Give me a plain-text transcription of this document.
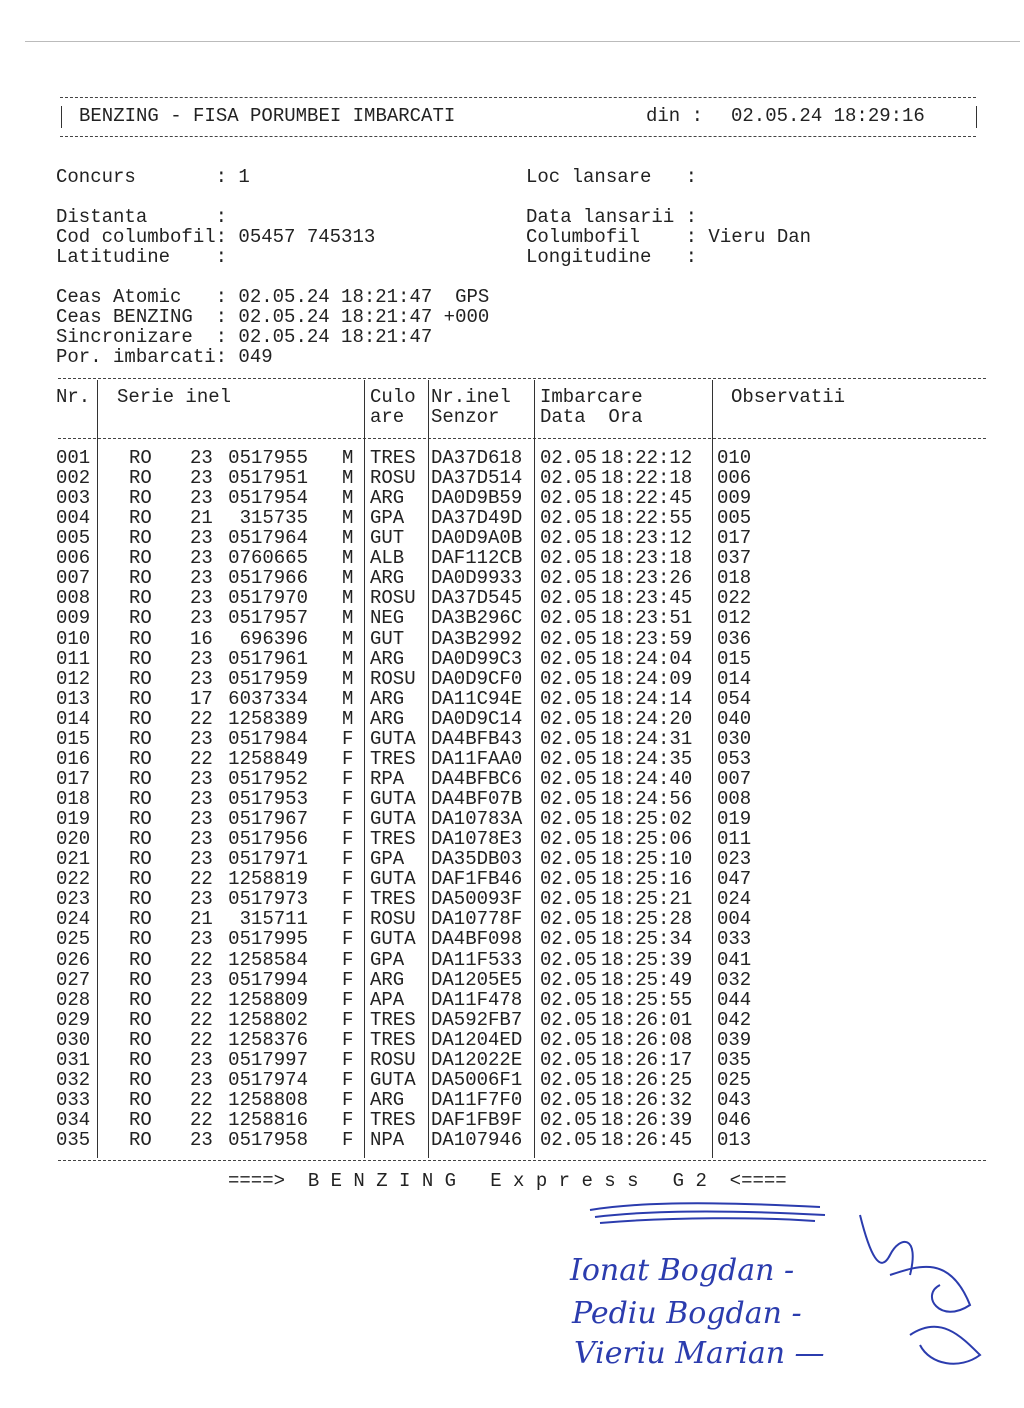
BENZING - FISA PORUMBEI IMBARCATI	din : 02.05.24 18:29:16
Concurs       : 1
Distanta      :
Cod columbofil: 05457 745313
Latitudine    :
Loc lansare   :
Data lansarii :
Columbofil    : Vieru Dan
Longitudine   :
Ceas Atomic   : 02.05.24 18:21:47  GPS
Ceas BENZING  : 02.05.24 18:21:47 +000
Sincronizare  : 02.05.24 18:21:47
Por. imbarcati: 049
Nr. Serie inel	Culo
are
Nr.inel
Senzor
Imbarcare
Data  Ora
Observatii
001 RO 23 0517955 M TRES DA37D618 02.05 18:22:12 010
002 RO 23 0517951 M ROSU DA37D514 02.05 18:22:18 006
003 RO 23 0517954 M ARG DA0D9B59 02.05 18:22:45 009
004 RO 21 315735 M GPA DA37D49D 02.05 18:22:55 005
005 RO 23 0517964 M GUT DA0D9A0B 02.05 18:23:12 017
006 RO 23 0760665 M ALB DAF112CB 02.05 18:23:18 037
007 RO 23 0517966 M ARG DA0D9933 02.05 18:23:26 018
008 RO 23 0517970 M ROSU DA37D545 02.05 18:23:45 022
009 RO 23 0517957 M NEG DA3B296C 02.05 18:23:51 012
010 RO 16 696396 M GUT DA3B2992 02.05 18:23:59 036
011 RO 23 0517961 M ARG DA0D99C3 02.05 18:24:04 015
012 RO 23 0517959 M ROSU DA0D9CF0 02.05 18:24:09 014
013 RO 17 6037334 M ARG DA11C94E 02.05 18:24:14 054
014 RO 22 1258389 M ARG DA0D9C14 02.05 18:24:20 040
015 RO 23 0517984 F GUTA DA4BFB43 02.05 18:24:31 030
016 RO 22 1258849 F TRES DA11FAA0 02.05 18:24:35 053
017 RO 23 0517952 F RPA DA4BFBC6 02.05 18:24:40 007
018 RO 23 0517953 F GUTA DA4BF07B 02.05 18:24:56 008
019 RO 23 0517967 F GUTA DA10783A 02.05 18:25:02 019
020 RO 23 0517956 F TRES DA1078E3 02.05 18:25:06 011
021 RO 23 0517971 F GPA DA35DB03 02.05 18:25:10 023
022 RO 22 1258819 F GUTA DAF1FB46 02.05 18:25:16 047
023 RO 23 0517973 F TRES DA50093F 02.05 18:25:21 024
024 RO 21 315711 F ROSU DA10778F 02.05 18:25:28 004
025 RO 23 0517995 F GUTA DA4BF098 02.05 18:25:34 033
026 RO 22 1258584 F GPA DA11F533 02.05 18:25:39 041
027 RO 23 0517994 F ARG DA1205E5 02.05 18:25:49 032
028 RO 22 1258809 F APA DA11F478 02.05 18:25:55 044
029 RO 22 1258802 F TRES DA592FB7 02.05 18:26:01 042
030 RO 22 1258376 F TRES DA1204ED 02.05 18:26:08 039
031 RO 23 0517997 F ROSU DA12022E 02.05 18:26:17 035
032 RO 23 0517974 F GUTA DA5006F1 02.05 18:26:25 025
033 RO 22 1258808 F ARG DA11F7F0 02.05 18:26:32 043
034 RO 22 1258816 F TRES DAF1FB9F 02.05 18:26:39 046
035 RO 23 0517958 F NPA DA107946 02.05 18:26:45 013
====>  B E N Z I N G   E x p r e s s   G 2  <====
Ionat Bogdan -
Pediu Bogdan -
Vieriu Marian —
